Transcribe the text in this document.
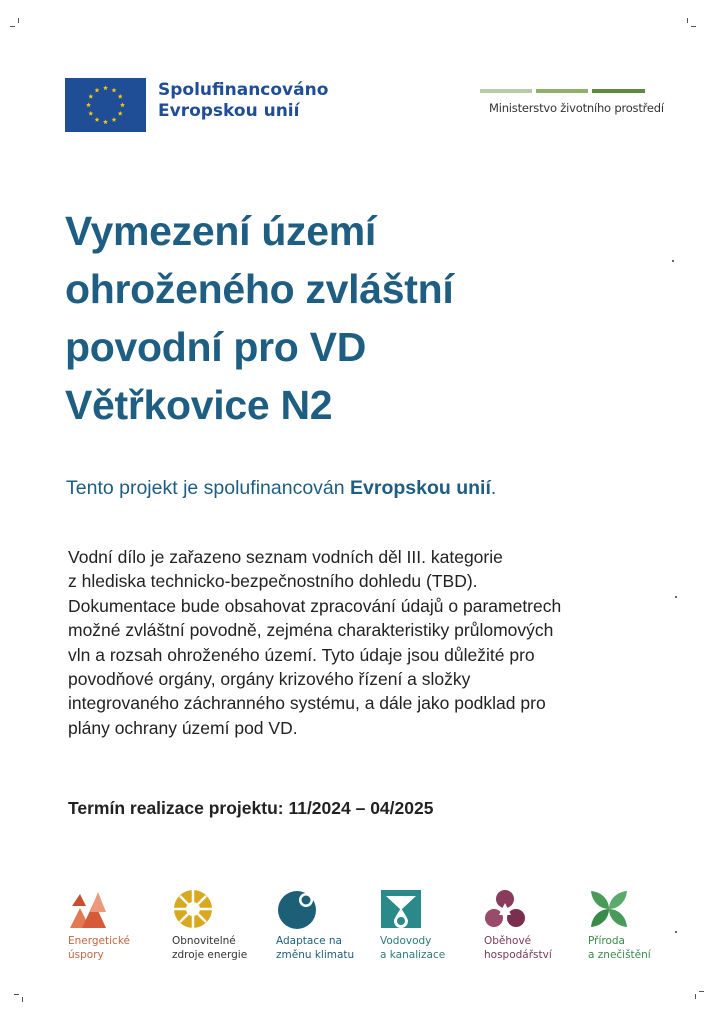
Spolufinancováno
Evropskou unií	Ministerstvo životního prostředí
Vymezení území
ohroženého zvláštní
povodní pro VD
Větřkovice N2
Tento projekt je spolufinancován Evropskou unií.
Vodní dílo je zařazeno seznam vodních děl III. kategorie
z hlediska technicko-bezpečnostního dohledu (TBD).
Dokumentace bude obsahovat zpracování údajů o parametrech
možné zvláštní povodně, zejména charakteristiky průlomových
vln a rozsah ohroženého území. Tyto údaje jsou důležité pro
povodňové orgány, orgány krizového řízení a složky
integrovaného záchranného systému, a dále jako podklad pro
plány ochrany území pod VD.
Termín realizace projektu: 11/2024 – 04/2025
Energetické
úspory
Obnovitelné
zdroje energie
Adaptace na
změnu klimatu
Vodovody
a kanalizace
Oběhové
hospodářství
Příroda
a znečištění
